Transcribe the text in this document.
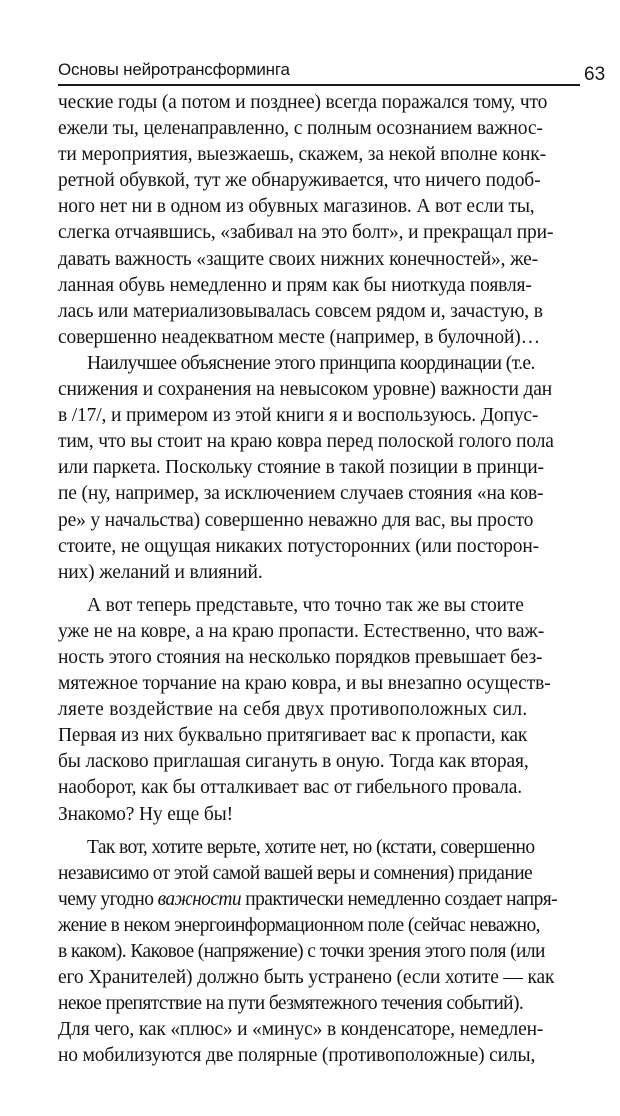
Основы нейротрансформинга	63
ческие годы (а потом и позднее) всегда поражался тому, что
ежели ты, целенаправленно, с полным осознанием важнос-
ти мероприятия, выезжаешь, скажем, за некой вполне конк-
ретной обувкой, тут же обнаруживается, что ничего подоб-
ного нет ни в одном из обувных магазинов. А вот если ты,
слегка отчаявшись, «забивал на это болт», и прекращал при-
давать важность «защите своих нижних конечностей», же-
ланная обувь немедленно и прям как бы ниоткуда появля-
лась или материализовывалась совсем рядом и, зачастую, в
совершенно неадекватном месте (например, в булочной)…
Наилучшее объяснение этого принципа координации (т.е.
снижения и сохранения на невысоком уровне) важности дан
в /17/, и примером из этой книги я и воспользуюсь. Допус-
тим, что вы стоит на краю ковра перед полоской голого пола
или паркета. Поскольку стояние в такой позиции в принци-
пе (ну, например, за исключением случаев стояния «на ков-
ре» у начальства) совершенно неважно для вас, вы просто
стоите, не ощущая никаких потусторонних (или посторон-
них) желаний и влияний.
А вот теперь представьте, что точно так же вы стоите
уже не на ковре, а на краю пропасти. Естественно, что важ-
ность этого стояния на несколько порядков превышает без-
мятежное торчание на краю ковра, и вы внезапно осуществ-
ляете воздействие на себя двух противоположных сил.
Первая из них буквально притягивает вас к пропасти, как
бы ласково приглашая сигануть в оную. Тогда как вторая,
наоборот, как бы отталкивает вас от гибельного провала.
Знакомо? Ну еще бы!
Так вот, хотите верьте, хотите нет, но (кстати, совершенно
независимо от этой самой вашей веры и сомнения) придание
чему угодно важности практически немедленно создает напря-
жение в неком энергоинформационном поле (сейчас неважно,
в каком). Каковое (напряжение) с точки зрения этого поля (или
его Хранителей) должно быть устранено (если хотите — как
некое препятствие на пути безмятежного течения событий).
Для чего, как «плюс» и «минус» в конденсаторе, немедлен-
но мобилизуются две полярные (противоположные) силы,
